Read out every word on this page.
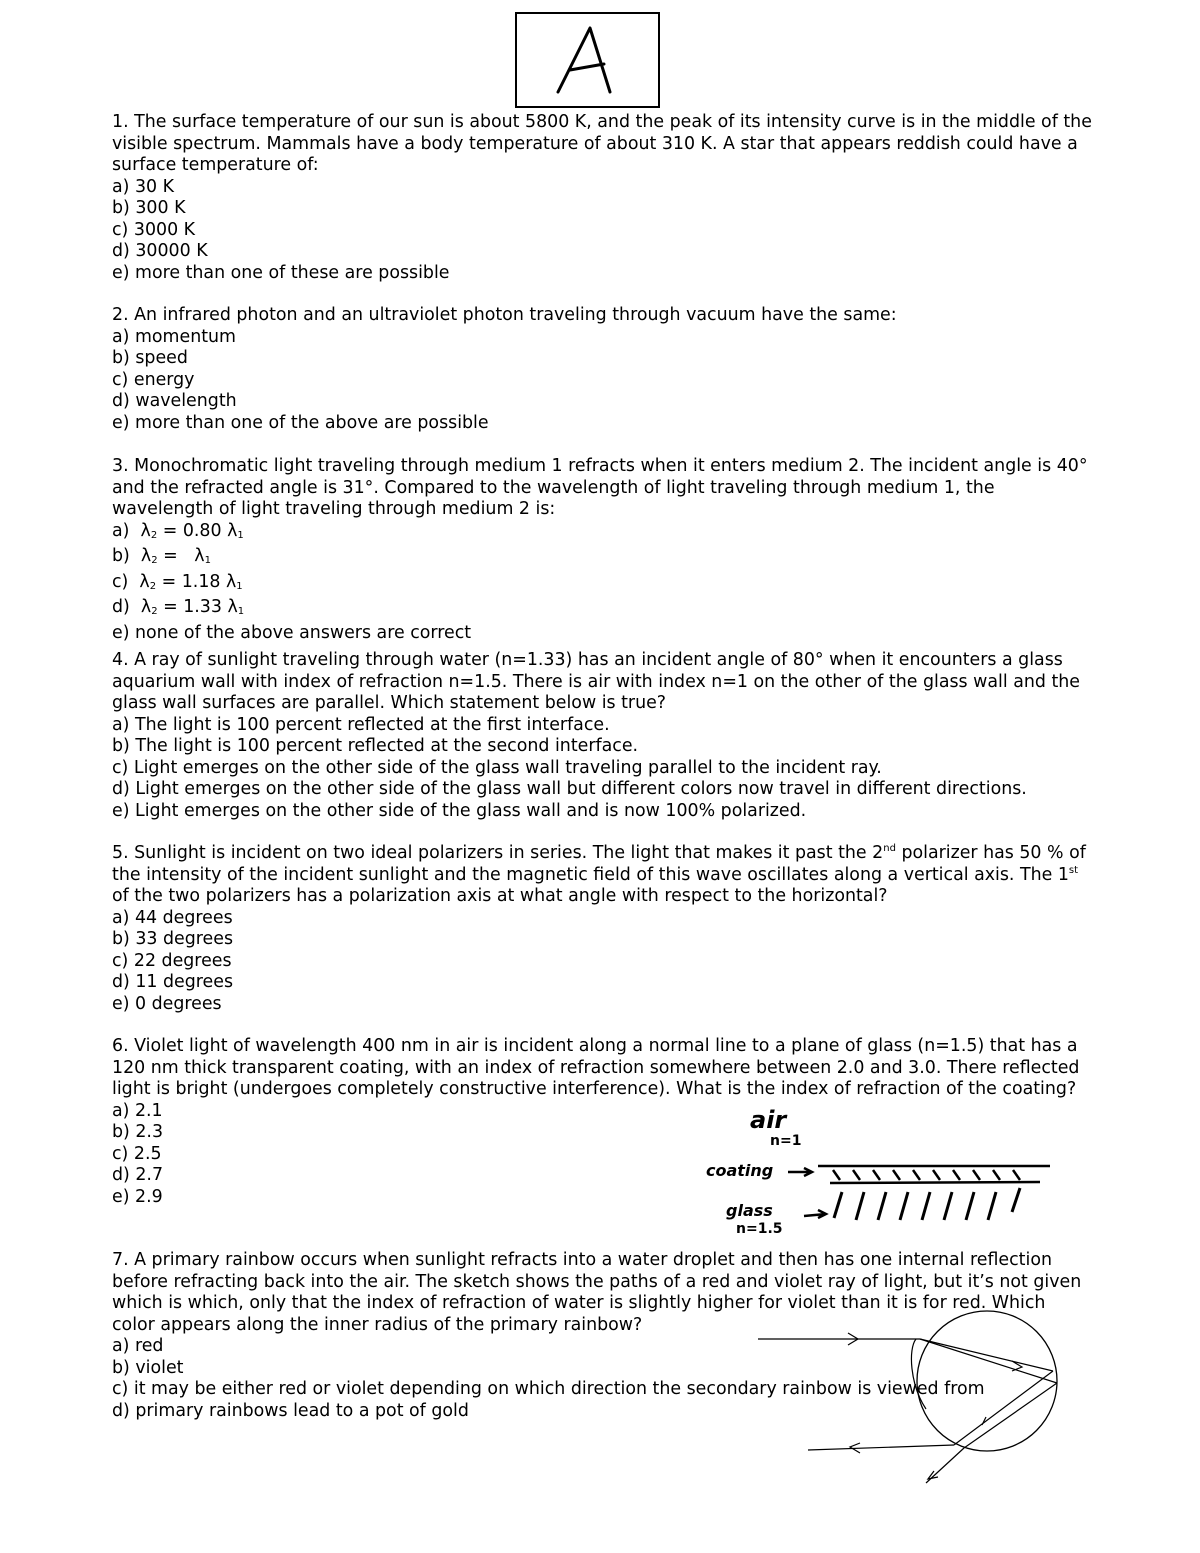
1. The surface temperature of our sun is about 5800 K, and the peak of its intensity curve is in the middle of the visible spectrum. Mammals have a body temperature of about 310 K. A star that appears reddish could have a surface temperature of:
a) 30 K
b) 300 K
c) 3000 K
d) 30000 K
e) more than one of these are possible
2. An infrared photon and an ultraviolet photon traveling through vacuum have the same:
a) momentum
b) speed
c) energy
d) wavelength
e) more than one of the above are possible
3. Monochromatic light traveling through medium 1 refracts when it enters medium 2. The incident angle is 40° and the refracted angle is 31°. Compared to the wavelength of light traveling through medium 1, the wavelength of light traveling through medium 2 is:
a) $\lambda_2 = 0.80$ $\lambda_1$
b) $\lambda_2 = \lambda_1$
c) $\lambda_2 = 1.18$ $\lambda_1$
d) $\lambda_2 = 1.33$ $\lambda_1$
e) none of the above answers are correct
4. A ray of sunlight traveling through water (n=1.33) has an incident angle of 80° when it encounters a glass aquarium wall with index of refraction n=1.5. There is air with index n=1 on the other of the glass wall and the glass wall surfaces are parallel. Which statement below is true?
a) The light is 100 percent reflected at the first interface.
b) The light is 100 percent reflected at the second interface.
c) Light emerges on the other side of the glass wall traveling parallel to the incident ray.
d) Light emerges on the other side of the glass wall but different colors now travel in different directions.
e) Light emerges on the other side of the glass wall and is now 100% polarized.
5. Sunlight is incident on two ideal polarizers in series. The light that makes it past the 2nd polarizer has 50 % of the intensity of the incident sunlight and the magnetic field of this wave oscillates along a vertical axis. The 1st of the two polarizers has a polarization axis at what angle with respect to the horizontal?
a) 44 degrees
b) 33 degrees
c) 22 degrees
d) 11 degrees
e) 0 degrees
6. Violet light of wavelength 400 nm in air is incident along a normal line to a plane of glass (n=1.5) that has a 120 nm thick transparent coating, with an index of refraction somewhere between 2.0 and 3.0. There reflected light is bright (undergoes completely constructive interference). What is the index of refraction of the coating?
a) 2.1
b) 2.3
c) 2.5
d) 2.7
e) 2.9
air
n=1
coating
glass
n=1.5
7. A primary rainbow occurs when sunlight refracts into a water droplet and then has one internal reflection before refracting back into the air. The sketch shows the paths of a red and violet ray of light, but it’s not given which is which, only that the index of refraction of water is slightly higher for violet than it is for red. Which color appears along the inner radius of the primary rainbow?
a) red
b) violet
c) it may be either red or violet depending on which direction the secondary rainbow is viewed from
d) primary rainbows lead to a pot of gold
